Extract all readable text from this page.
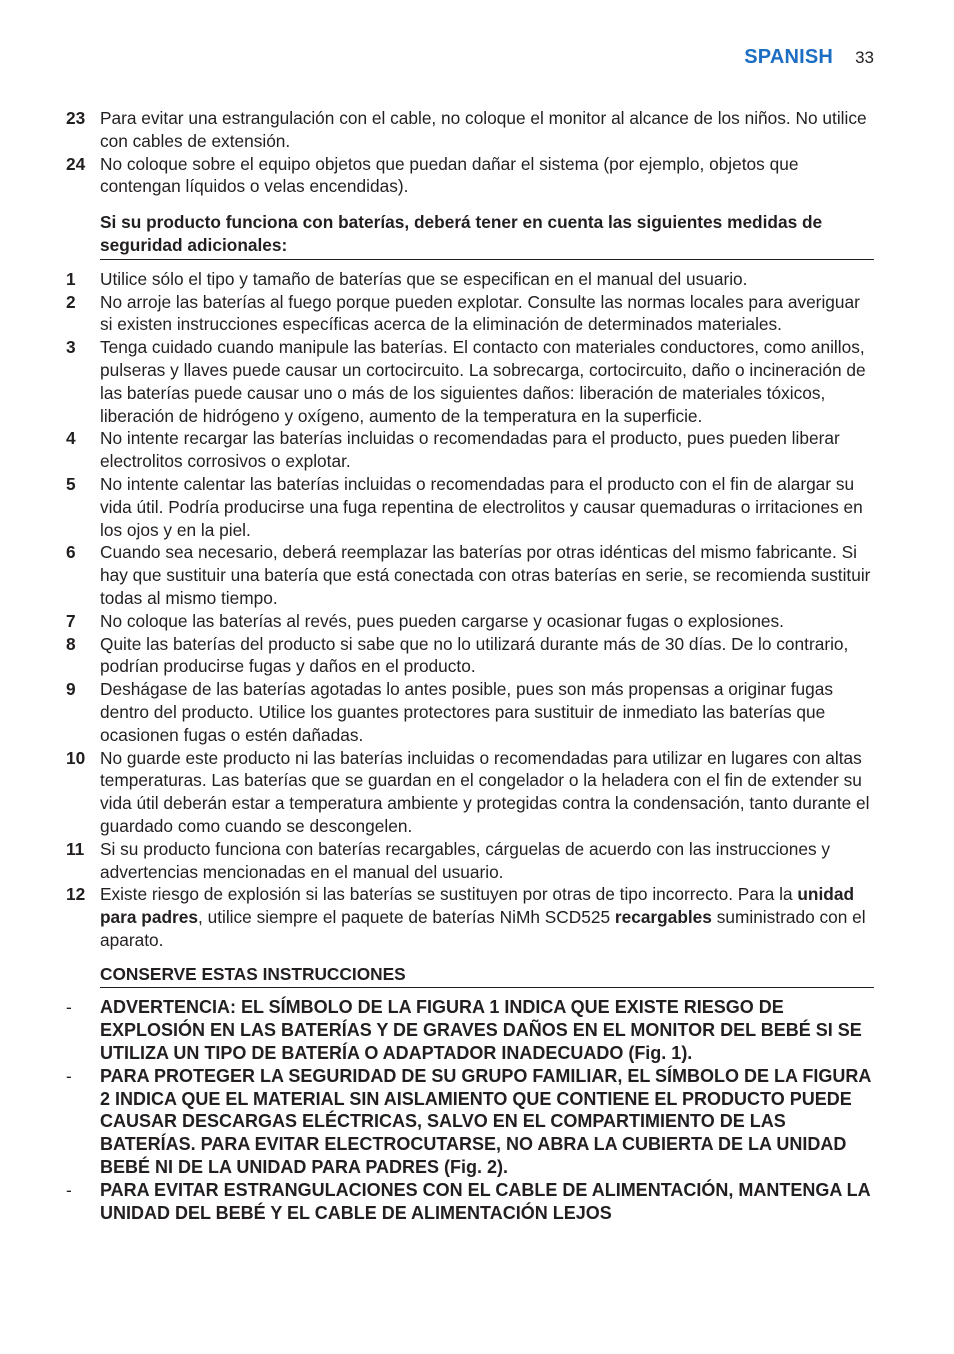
SPANISH 33
23 Para evitar una estrangulación con el cable, no coloque el monitor al alcance de los niños. No utilice con cables de extensión.
24 No coloque sobre el equipo objetos que puedan dañar el sistema (por ejemplo, objetos que contengan líquidos o velas encendidas).
Si su producto funciona con baterías, deberá tener en cuenta las siguientes medidas de seguridad adicionales:
1	Utilice sólo el tipo y tamaño de baterías que se especifican en el manual del usuario.
2	No arroje las baterías al fuego porque pueden explotar. Consulte las normas locales para averiguar si existen instrucciones específicas acerca de la eliminación de determinados materiales.
3	Tenga cuidado cuando manipule las baterías. El contacto con materiales conductores, como anillos, pulseras y llaves puede causar un cortocircuito. La sobrecarga, cortocircuito, daño o incineración de las baterías puede causar uno o más de los siguientes daños: liberación de materiales tóxicos, liberación de hidrógeno y oxígeno, aumento de la temperatura en la superficie.
4	No intente recargar las baterías incluidas o recomendadas para el producto, pues pueden liberar electrolitos corrosivos o explotar.
5	No intente calentar las baterías incluidas o recomendadas para el producto con el fin de alargar su vida útil. Podría producirse una fuga repentina de electrolitos y causar quemaduras o irritaciones en los ojos y en la piel.
6	Cuando sea necesario, deberá reemplazar las baterías por otras idénticas del mismo fabricante. Si hay que sustituir una batería que está conectada con otras baterías en serie, se recomienda sustituir todas al mismo tiempo.
7	No coloque las baterías al revés, pues pueden cargarse y ocasionar fugas o explosiones.
8	Quite las baterías del producto si sabe que no lo utilizará durante más de 30 días. De lo contrario, podrían producirse fugas y daños en el producto.
9	Deshágase de las baterías agotadas lo antes posible, pues son más propensas a originar fugas dentro del producto. Utilice los guantes protectores para sustituir de inmediato las baterías que ocasionen fugas o estén dañadas.
10 No guarde este producto ni las baterías incluidas o recomendadas para utilizar en lugares con altas temperaturas. Las baterías que se guardan en el congelador o la heladera con el fin de extender su vida útil deberán estar a temperatura ambiente y protegidas contra la condensación, tanto durante el guardado como cuando se descongelen.
11 Si su producto funciona con baterías recargables, cárguelas de acuerdo con las instrucciones y advertencias mencionadas en el manual del usuario.
12 Existe riesgo de explosión si las baterías se sustituyen por otras de tipo incorrecto. Para la unidad para padres, utilice siempre el paquete de baterías NiMh SCD525 recargables suministrado con el aparato.
CONSERVE ESTAS INSTRUCCIONES
-	ADVERTENCIA: EL SÍMBOLO DE LA FIGURA 1 INDICA QUE EXISTE RIESGO DE EXPLOSIÓN EN LAS BATERÍAS Y DE GRAVES DAÑOS EN EL MONITOR DEL BEBÉ SI SE UTILIZA UN TIPO DE BATERÍA O ADAPTADOR INADECUADO (Fig. 1).
-	PARA PROTEGER LA SEGURIDAD DE SU GRUPO FAMILIAR, EL SÍMBOLO DE LA FIGURA 2 INDICA QUE EL MATERIAL SIN AISLAMIENTO QUE CONTIENE EL PRODUCTO PUEDE CAUSAR DESCARGAS ELÉCTRICAS, SALVO EN EL COMPARTIMIENTO DE LAS BATERÍAS. PARA EVITAR ELECTROCUTARSE, NO ABRA LA CUBIERTA DE LA UNIDAD BEBÉ NI DE LA UNIDAD PARA PADRES (Fig. 2).
-	PARA EVITAR ESTRANGULACIONES CON EL CABLE DE ALIMENTACIÓN, MANTENGA LA UNIDAD DEL BEBÉ Y EL CABLE DE ALIMENTACIÓN LEJOS
